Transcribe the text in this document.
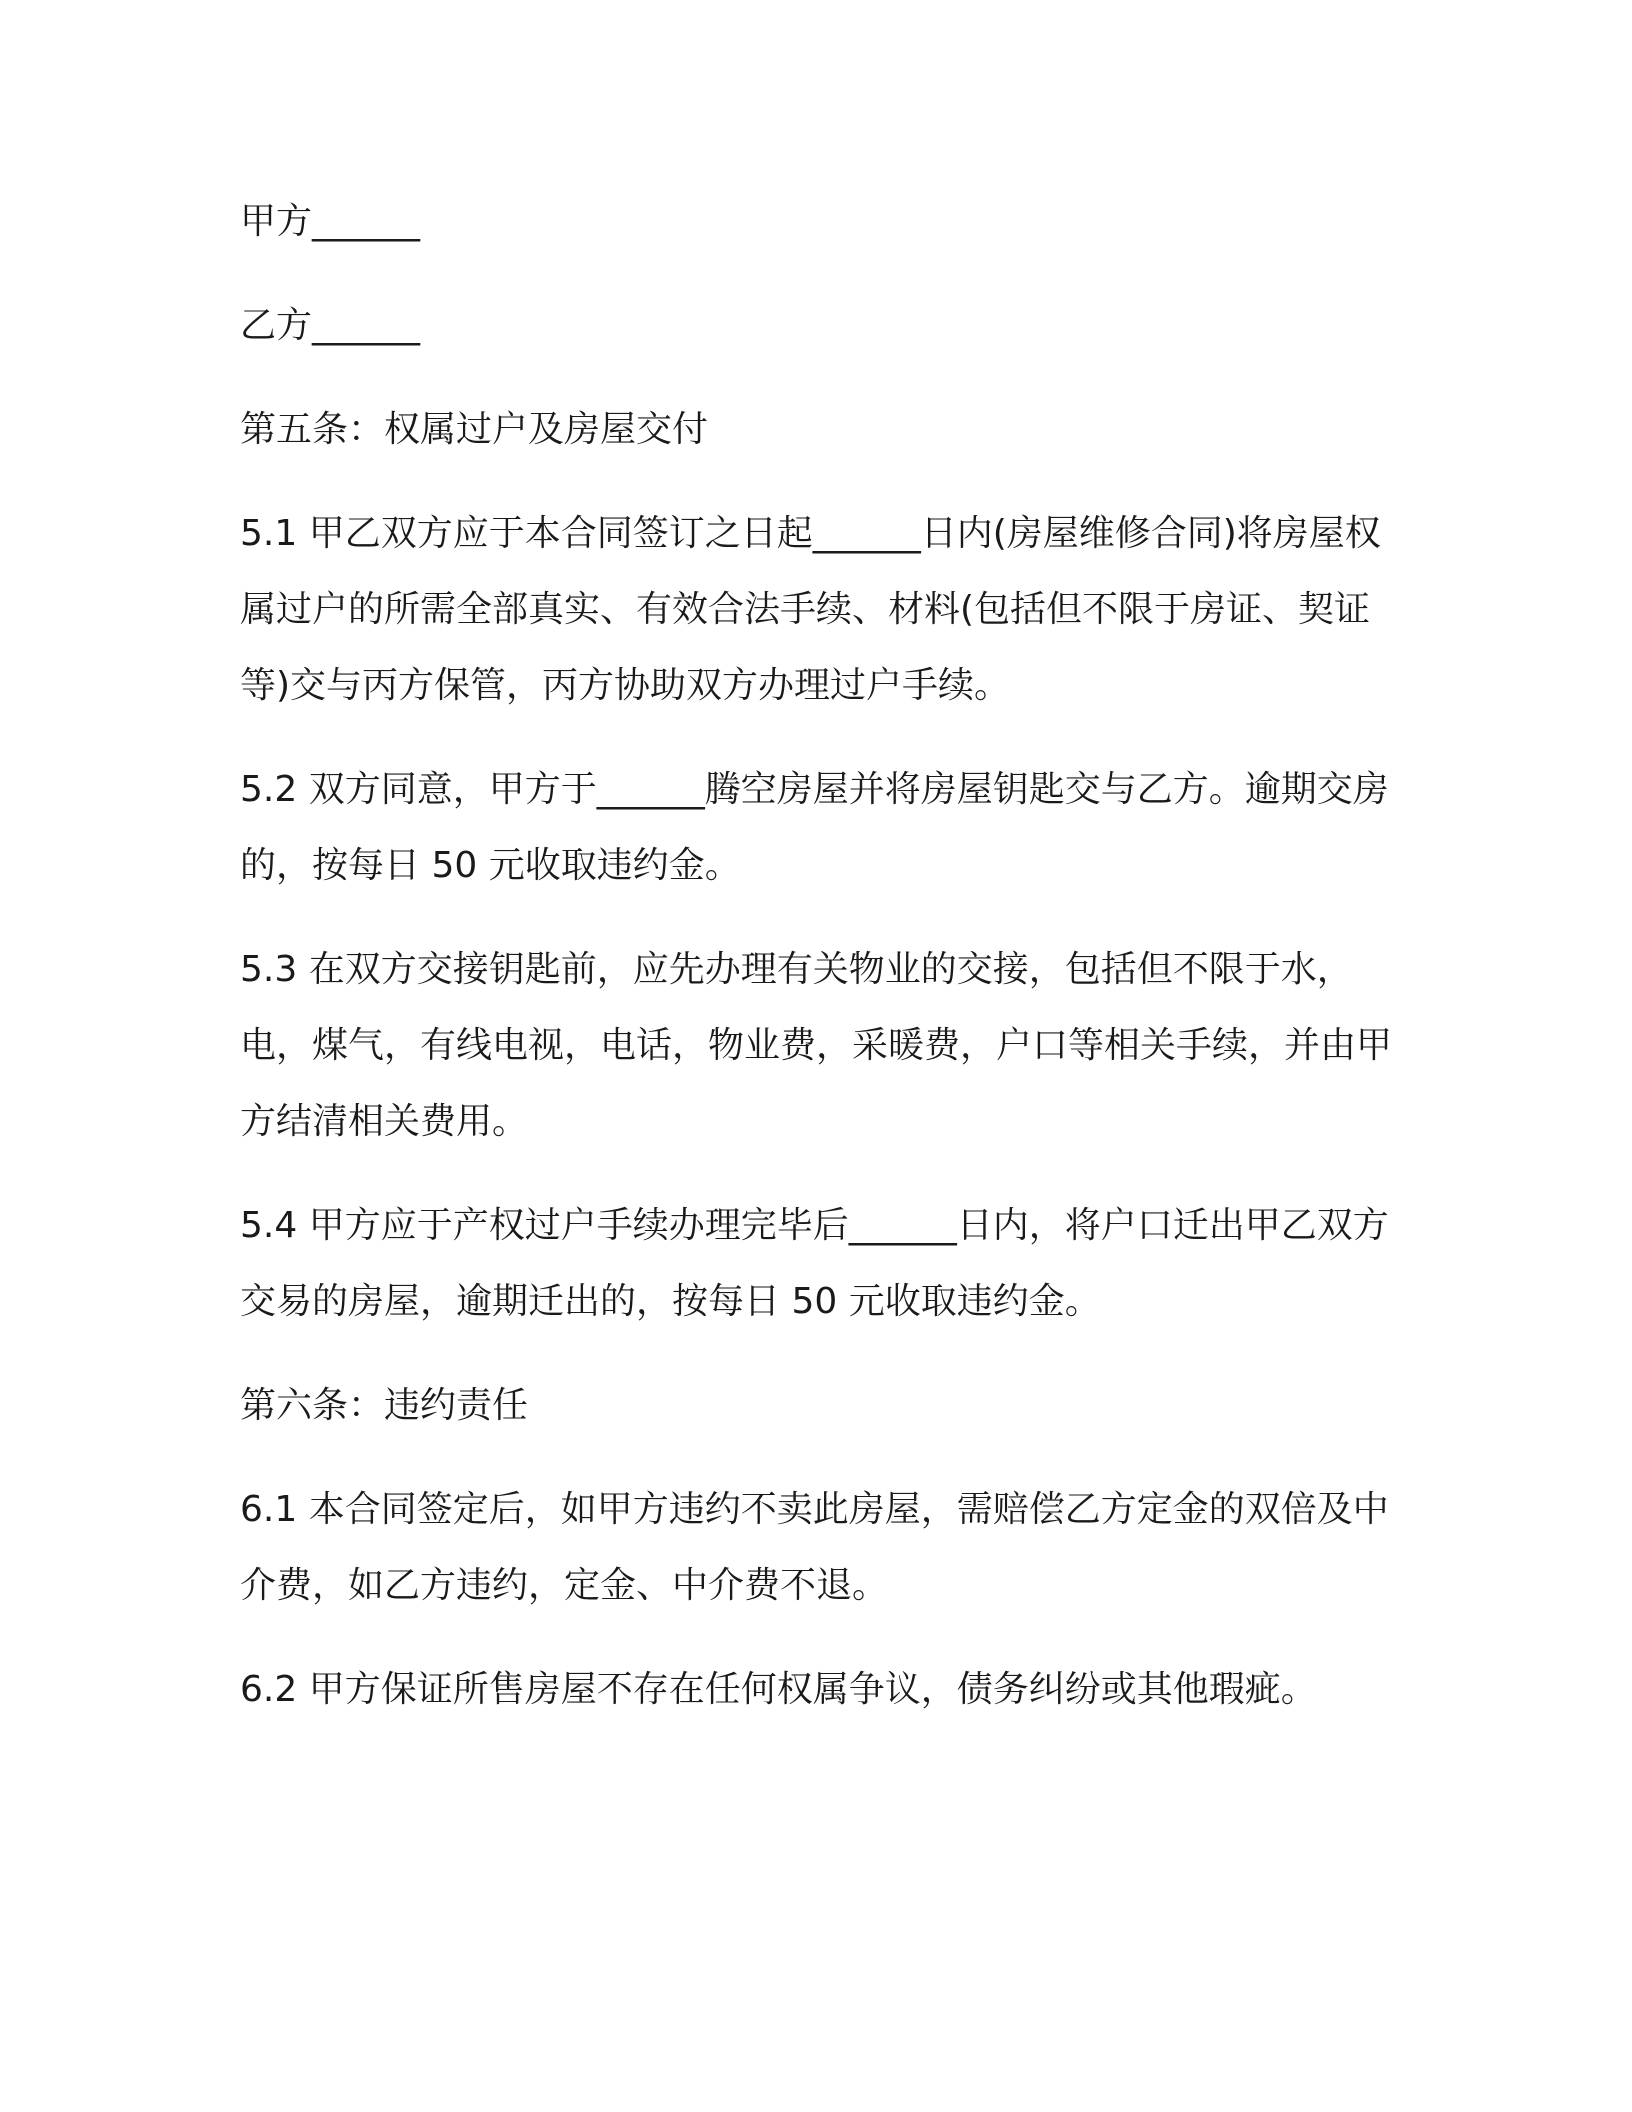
甲方______

乙方______

第五条：权属过户及房屋交付

5.1 甲乙双方应于本合同签订之日起______日内(房屋维修合同)将房屋权属过户的所需全部真实、有效合法手续、材料(包括但不限于房证、契证等)交与丙方保管，丙方协助双方办理过户手续。

5.2 双方同意，甲方于______腾空房屋并将房屋钥匙交与乙方。逾期交房的，按每日 50 元收取违约金。

5.3 在双方交接钥匙前，应先办理有关物业的交接，包括但不限于水，电，煤气，有线电视，电话，物业费，采暖费，户口等相关手续，并由甲方结清相关费用。

5.4 甲方应于产权过户手续办理完毕后______日内，将户口迁出甲乙双方交易的房屋，逾期迁出的，按每日 50 元收取违约金。

第六条：违约责任

6.1 本合同签定后，如甲方违约不卖此房屋，需赔偿乙方定金的双倍及中介费，如乙方违约，定金、中介费不退。

6.2 甲方保证所售房屋不存在任何权属争议，债务纠纷或其他瑕疵。
